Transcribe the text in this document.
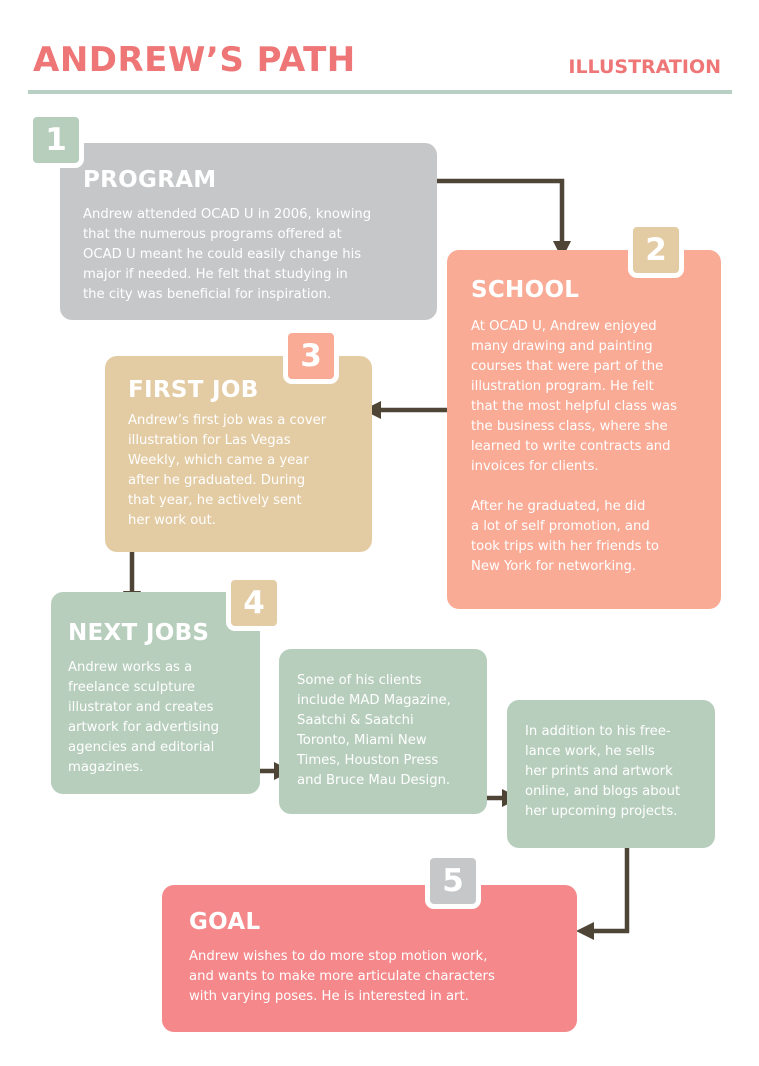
ANDREW’S PATH	ILLUSTRATION
PROGRAM

Andrew attended OCAD U in 2006, knowing
that the numerous programs offered at
OCAD U meant he could easily change his
major if needed. He felt that studying in
the city was beneficial for inspiration.

1
SCHOOL

At OCAD U, Andrew enjoyed
many drawing and painting
courses that were part of the
illustration program. He felt
that the most helpful class was
the business class, where she
learned to write contracts and
invoices for clients.

After he graduated, he did
a lot of self promotion, and
took trips with her friends to
New York for networking.

2
FIRST JOB

Andrew’s first job was a cover
illustration for Las Vegas
Weekly, which came a year
after he graduated. During
that year, he actively sent
her work out.

3
NEXT JOBS

Andrew works as a
freelance sculpture
illustrator and creates
artwork for advertising
agencies and editorial
magazines.

4

Some of his clients
include MAD Magazine,
Saatchi & Saatchi
Toronto, Miami New
Times, Houston Press
and Bruce Mau Design.

In addition to his free-
lance work, he sells
her prints and artwork
online, and blogs about
her upcoming projects.

GOAL

Andrew wishes to do more stop motion work,
and wants to make more articulate characters
with varying poses. He is interested in art.

5
